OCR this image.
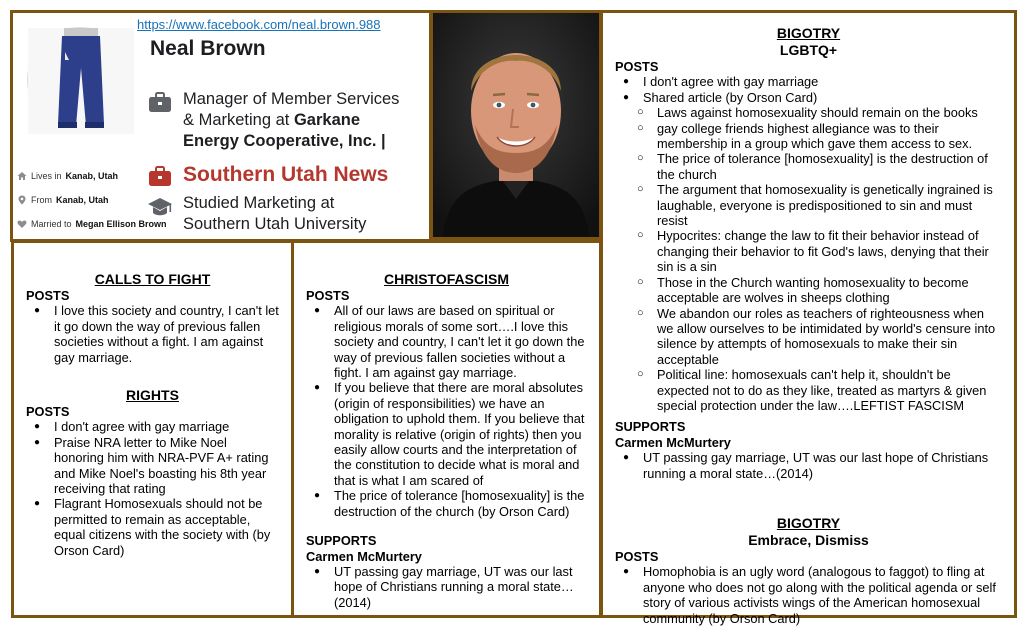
https://www.facebook.com/neal.brown.988
Neal Brown
Lives in Kanab, Utah
From Kanab, Utah
Married to Megan Ellison Brown
Manager of Member Services
& Marketing at Garkane
Energy Cooperative, Inc. |
Southern Utah News
Studied Marketing at
Southern Utah University
CALLS TO FIGHT
POSTS
● I love this society and country, I can't let it go down the way of previous fallen societies without a fight. I am against gay marriage.
RIGHTS
POSTS
● I don't agree with gay marriage
● Praise NRA letter to Mike Noel honoring him with NRA-PVF A+ rating and Mike Noel's boasting his 8th year receiving that rating
● Flagrant Homosexuals should not be permitted to remain as acceptable, equal citizens with the society with (by Orson Card)
CHRISTOFASCISM
POSTS
● All of our laws are based on spiritual or religious morals of some sort….I love this society and country, I can't let it go down the way of previous fallen societies without a fight. I am against gay marriage.
● If you believe that there are moral absolutes (origin of responsibilities) we have an obligation to uphold them. If you believe that morality is relative (origin of rights) then you easily allow courts and the interpretation of the constitution to decide what is moral and that is what I am scared of
● The price of tolerance [homosexuality] is the destruction of the church (by Orson Card)
SUPPORTS
Carmen McMurtery
● UT passing gay marriage, UT was our last hope of Christians running a moral state…(2014)
BIGOTRY
LGBTQ+
POSTS
● I don't agree with gay marriage
● Shared article (by Orson Card)
○ Laws against homosexuality should remain on the books
○ gay college friends highest allegiance was to their membership in a group which gave them access to sex.
○ The price of tolerance [homosexuality] is the destruction of the church
○ The argument that homosexuality is genetically ingrained is laughable, everyone is predispositioned to sin and must resist
○ Hypocrites: change the law to fit their behavior instead of changing their behavior to fit God's laws, denying that their sin is a sin
○ Those in the Church wanting homosexuality to become acceptable are wolves in sheeps clothing
○ We abandon our roles as teachers of righteousness when we allow ourselves to be intimidated by world's censure into silence by attempts of homosexuals to make their sin acceptable
○ Political line: homosexuals can't help it, shouldn't be expected not to do as they like, treated as martyrs & given special protection under the law….LEFTIST FASCISM
SUPPORTS
Carmen McMurtery
● UT passing gay marriage, UT was our last hope of Christians running a moral state…(2014)
BIGOTRY
Embrace, Dismiss
POSTS
● Homophobia is an ugly word (analogous to faggot) to fling at anyone who does not go along with the political agenda or self story of various activists wings of the American homosexual community (by Orson Card)
